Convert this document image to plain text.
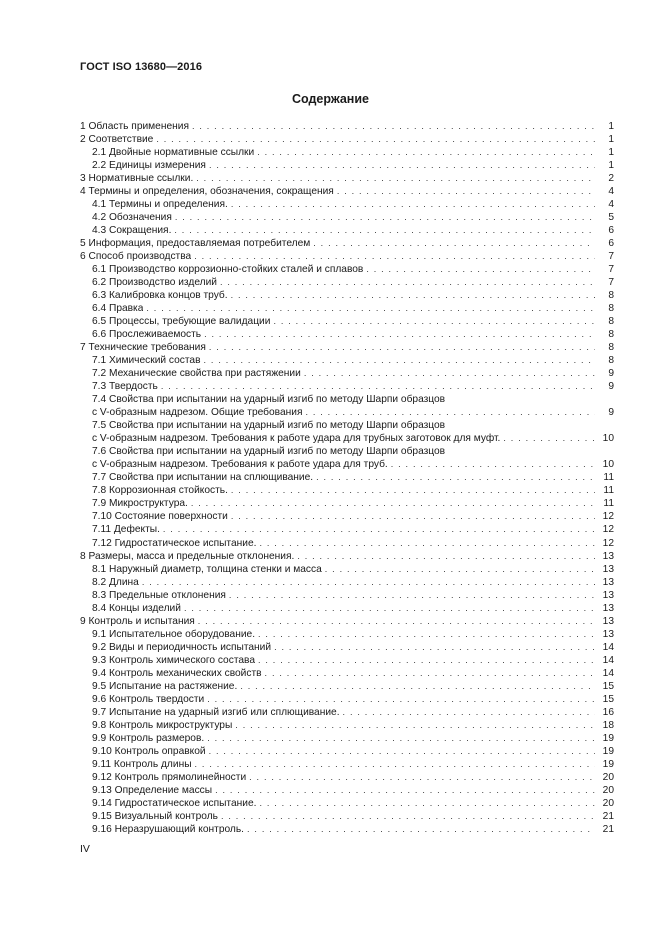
ГОСТ ISO 13680—2016
Содержание
1 Область применения . . .	1
2 Соответствие . . .	1
2.1 Двойные нормативные ссылки . . .	1
2.2 Единицы измерения . . .	1
3 Нормативные ссылки. . . .	2
4 Термины и определения, обозначения, сокращения . . .	4
4.1 Термины и определения. . . .	4
4.2 Обозначения . . .	5
4.3 Сокращения. . . .	6
5 Информация, предоставляемая потребителем . . .	6
6 Способ производства . . .	7
6.1 Производство коррозионно-стойких сталей и сплавов . . .	7
6.2 Производство изделий . . .	7
6.3 Калибровка концов труб. . . .	8
6.4 Правка . . .	8
6.5 Процессы, требующие валидации . . .	8
6.6 Прослеживаемость . . .	8
7 Технические требования . . .	8
7.1 Химический состав . . .	8
7.2 Механические свойства при растяжении . . .	9
7.3 Твердость . . .	9
7.4 Свойства при испытании на ударный изгиб по методу Шарпи образцов
с V-образным надрезом. Общие требования . . .	9
7.5 Свойства при испытании на ударный изгиб по методу Шарпи образцов
с V-образным надрезом. Требования к работе удара для трубных заготовок для муфт. . . .	10
7.6 Свойства при испытании на ударный изгиб по методу Шарпи образцов
с V-образным надрезом. Требования к работе удара для труб. . . .	10
7.7 Свойства при испытании на сплющивание. . . .	11
7.8 Коррозионная стойкость. . . .	11
7.9 Микроструктура. . . .	11
7.10 Состояние поверхности . . .	12
7.11 Дефекты. . . .	12
7.12 Гидростатическое испытание. . . .	12
8 Размеры, масса и предельные отклонения. . . .	13
8.1 Наружный диаметр, толщина стенки и масса . . .	13
8.2 Длина . . .	13
8.3 Предельные отклонения . . .	13
8.4 Концы изделий . . .	13
9 Контроль и испытания . . .	13
9.1 Испытательное оборудование. . . .	13
9.2 Виды и периодичность испытаний . . .	14
9.3 Контроль химического состава . . .	14
9.4 Контроль механических свойств . . .	14
9.5 Испытание на растяжение. . . .	15
9.6 Контроль твердости . . .	15
9.7 Испытание на ударный изгиб или сплющивание. . . .	16
9.8 Контроль микроструктуры . . .	18
9.9 Контроль размеров. . . .	19
9.10 Контроль оправкой . . .	19
9.11 Контроль длины . . .	19
9.12 Контроль прямолинейности . . .	20
9.13 Определение массы . . .	20
9.14 Гидростатическое испытание. . . .	20
9.15 Визуальный контроль . . .	21
9.16 Неразрушающий контроль. . . .	21
IV
